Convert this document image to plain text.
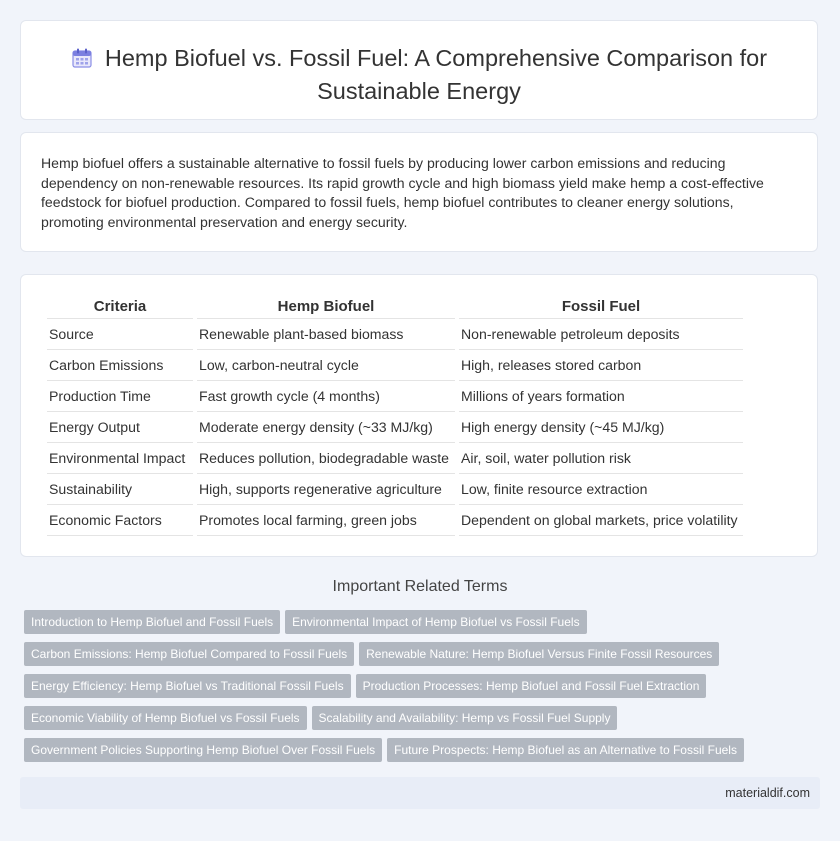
Hemp Biofuel vs. Fossil Fuel: A Comprehensive Comparison for Sustainable Energy
Hemp biofuel offers a sustainable alternative to fossil fuels by producing lower carbon emissions and reducing dependency on non-renewable resources. Its rapid growth cycle and high biomass yield make hemp a cost-effective feedstock for biofuel production. Compared to fossil fuels, hemp biofuel contributes to cleaner energy solutions, promoting environmental preservation and energy security.
Criteria	Hemp Biofuel	Fossil Fuel
Source	Renewable plant-based biomass	Non-renewable petroleum deposits
Carbon Emissions	Low, carbon-neutral cycle	High, releases stored carbon
Production Time	Fast growth cycle (4 months)	Millions of years formation
Energy Output	Moderate energy density (~33 MJ/kg)	High energy density (~45 MJ/kg)
Environmental Impact	Reduces pollution, biodegradable waste	Air, soil, water pollution risk
Sustainability	High, supports regenerative agriculture	Low, finite resource extraction
Economic Factors	Promotes local farming, green jobs	Dependent on global markets, price volatility
Important Related Terms
Introduction to Hemp Biofuel and Fossil Fuels Environmental Impact of Hemp Biofuel vs Fossil Fuels
Carbon Emissions: Hemp Biofuel Compared to Fossil Fuels Renewable Nature: Hemp Biofuel Versus Finite Fossil Resources
Energy Efficiency: Hemp Biofuel vs Traditional Fossil Fuels Production Processes: Hemp Biofuel and Fossil Fuel Extraction
Economic Viability of Hemp Biofuel vs Fossil Fuels Scalability and Availability: Hemp vs Fossil Fuel Supply
Government Policies Supporting Hemp Biofuel Over Fossil Fuels Future Prospects: Hemp Biofuel as an Alternative to Fossil Fuels
materialdif.com
